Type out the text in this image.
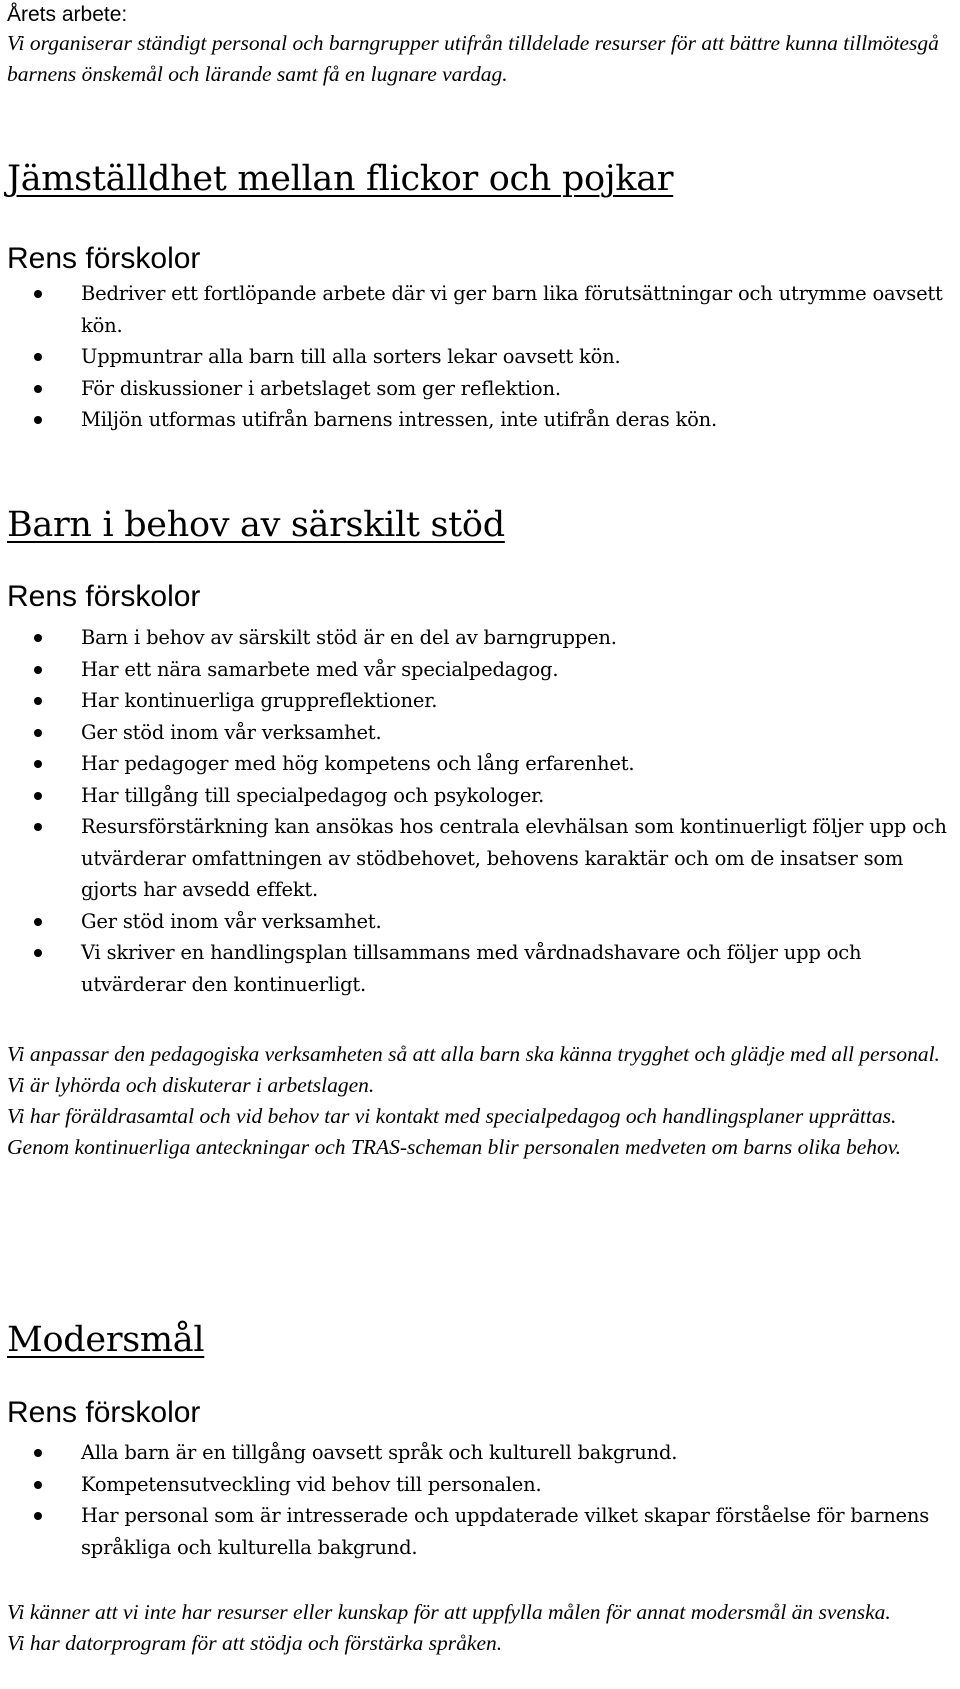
Årets arbete:

Vi organiserar ständigt personal och barngrupper utifrån tilldelade resurser för att bättre kunna tillmötesgå barnens önskemål och lärande samt få en lugnare vardag.

Jämställdhet mellan flickor och pojkar
Rens förskolor
Bedriver ett fortlöpande arbete där vi ger barn lika förutsättningar och utrymme oavsett kön.
Uppmuntrar alla barn till alla sorters lekar oavsett kön.
För diskussioner i arbetslaget som ger reflektion.
Miljön utformas utifrån barnens intressen, inte utifrån deras kön.
Barn i behov av särskilt stöd
Rens förskolor
Barn i behov av särskilt stöd är en del av barngruppen.
Har ett nära samarbete med vår specialpedagog.
Har kontinuerliga gruppreflektioner.
Ger stöd inom vår verksamhet.
Har pedagoger med hög kompetens och lång erfarenhet.
Har tillgång till specialpedagog och psykologer.
Resursförstärkning kan ansökas hos centrala elevhälsan som kontinuerligt följer upp och utvärderar omfattningen av stödbehovet, behovens karaktär och om de insatser som gjorts har avsedd effekt.
Ger stöd inom vår verksamhet.
Vi skriver en handlingsplan tillsammans med vårdnadshavare och följer upp och utvärderar den kontinuerligt.

Vi anpassar den pedagogiska verksamheten så att alla barn ska känna trygghet och glädje med all personal.

Vi är lyhörda och diskuterar i arbetslagen.

Vi har föräldrasamtal och vid behov tar vi kontakt med specialpedagog och handlingsplaner upprättas.

Genom kontinuerliga anteckningar och TRAS-scheman blir personalen medveten om barns olika behov.

Modersmål
Rens förskolor
Alla barn är en tillgång oavsett språk och kulturell bakgrund.
Kompetensutveckling vid behov till personalen.
Har personal som är intresserade och uppdaterade vilket skapar förståelse för barnens språkliga och kulturella bakgrund.

Vi känner att vi inte har resurser eller kunskap för att uppfylla målen för annat modersmål än svenska.

Vi har datorprogram för att stödja och förstärka språken.
